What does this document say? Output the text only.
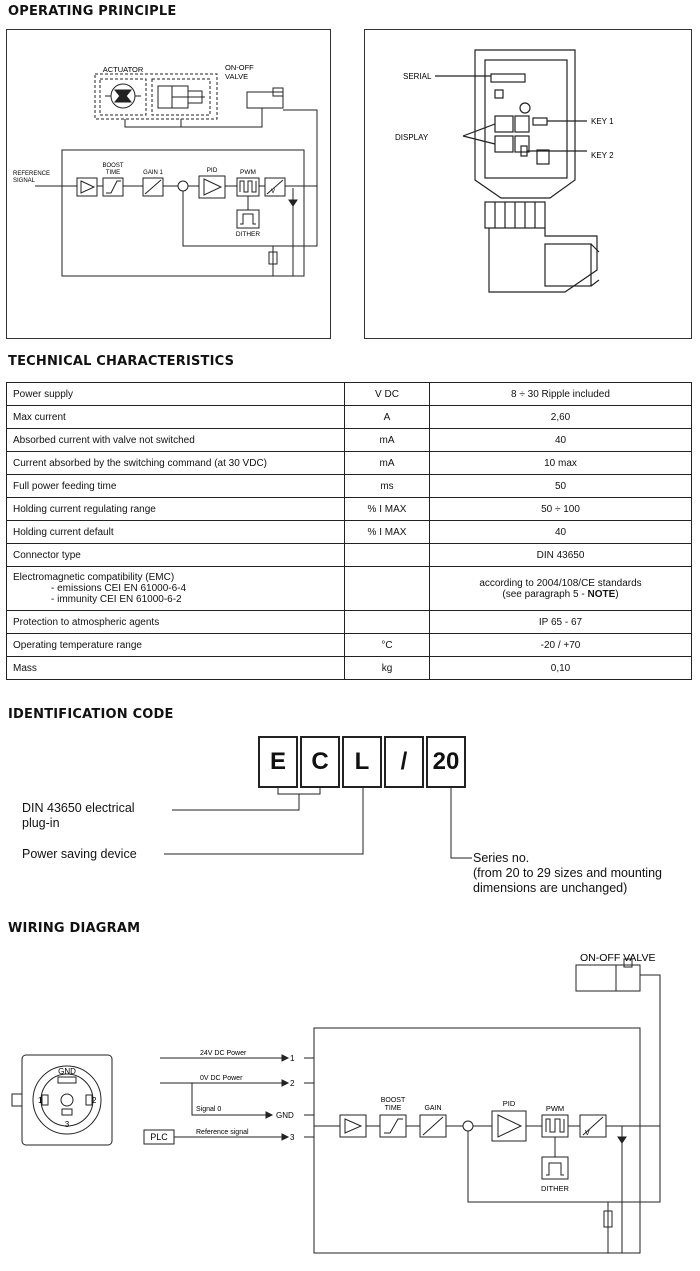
OPERATING PRINCIPLE
ACTUATOR	ON-OFF
VALVE
REFERENCE
SIGNAL
BOOST
TIME	GAIN 1	PID	PWM
DITHER
V
SERIAL
DISPLAY
KEY 1
KEY 2
TECHNICAL CHARACTERISTICS
Power supply	V DC	8 ÷ 30 Ripple included
Max current	A	2,60
Absorbed current with valve not switched	mA	40
Current absorbed by the switching command (at 30 VDC)	mA	10 max
Full power feeding time	ms	50
Holding current regulating range	% I MAX	50 ÷ 100
Holding current default	% I MAX	40
Connector type		DIN 43650

Electromagnetic compatibility (EMC)
- emissions CEI EN 61000-6-4
- immunity CEI EN 61000-6-2		according to 2004/108/CE standards
(see paragraph 5 - NOTE)

Protection to atmospheric agents		IP 65 - 67
Operating temperature range	°C	-20 / +70
Mass	kg	0,10
IDENTIFICATION CODE
E	C	L	/	20
DIN 43650 electrical
plug-in
Power saving device	Series no.
(from 20 to 29 sizes and mounting
dimensions are unchanged)
WIRING DIAGRAM
ON-OFF VALVE
24V DC Power
0V DC Power
Signal 0
Reference signal
PLC
1
2
GND
3
GND
1	2
3
BOOST
TIME	GAIN
PID
PWM
DITHER
V
